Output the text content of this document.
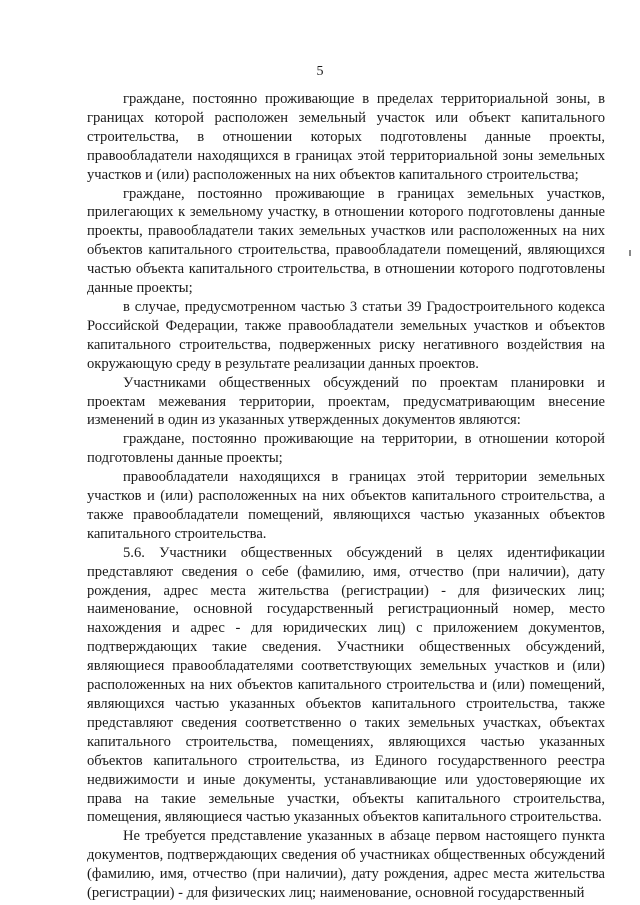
5

граждане, постоянно проживающие в пределах территориальной зоны, в границах которой расположен земельный участок или объект капитального строительства, в отношении которых подготовлены данные проекты, правообладатели находящихся в границах этой территориальной зоны земельных участков и (или) расположенных на них объектов капитального строительства;

граждане, постоянно проживающие в границах земельных участков, прилегающих к земельному участку, в отношении которого подготовлены данные проекты, правообладатели таких земельных участков или расположенных на них объектов капитального строительства, правообладатели помещений, являющихся частью объекта капитального строительства, в отношении которого подготовлены данные проекты;

в случае, предусмотренном частью 3 статьи 39 Градостроительного кодекса Российской Федерации, также правообладатели земельных участков и объектов капитального строительства, подверженных риску негативного воздействия на окружающую среду в результате реализации данных проектов.

Участниками общественных обсуждений по проектам планировки и проектам межевания территории, проектам, предусматривающим внесение изменений в один из указанных утвержденных документов являются:

граждане, постоянно проживающие на территории, в отношении которой подготовлены данные проекты;

правообладатели находящихся в границах этой территории земельных участков и (или) расположенных на них объектов капитального строительства, а также правообладатели помещений, являющихся частью указанных объектов капитального строительства.

5.6. Участники общественных обсуждений в целях идентификации представляют сведения о себе (фамилию, имя, отчество (при наличии), дату рождения, адрес места жительства (регистрации) - для физических лиц; наименование, основной государственный регистрационный номер, место нахождения и адрес - для юридических лиц) с приложением документов, подтверждающих такие сведения. Участники общественных обсуждений, являющиеся правообладателями соответствующих земельных участков и (или) расположенных на них объектов капитального строительства и (или) помещений, являющихся частью указанных объектов капитального строительства, также представляют сведения соответственно о таких земельных участках, объектах капитального строительства, помещениях, являющихся частью указанных объектов капитального строительства, из Единого государственного реестра недвижимости и иные документы, устанавливающие или удостоверяющие их права на такие земельные участки, объекты капитального строительства, помещения, являющиеся частью указанных объектов капитального строительства.

Не требуется представление указанных в абзаце первом настоящего пункта документов, подтверждающих сведения об участниках общественных обсуждений (фамилию, имя, отчество (при наличии), дату рождения, адрес места жительства (регистрации) - для физических лиц; наименование, основной государственный
